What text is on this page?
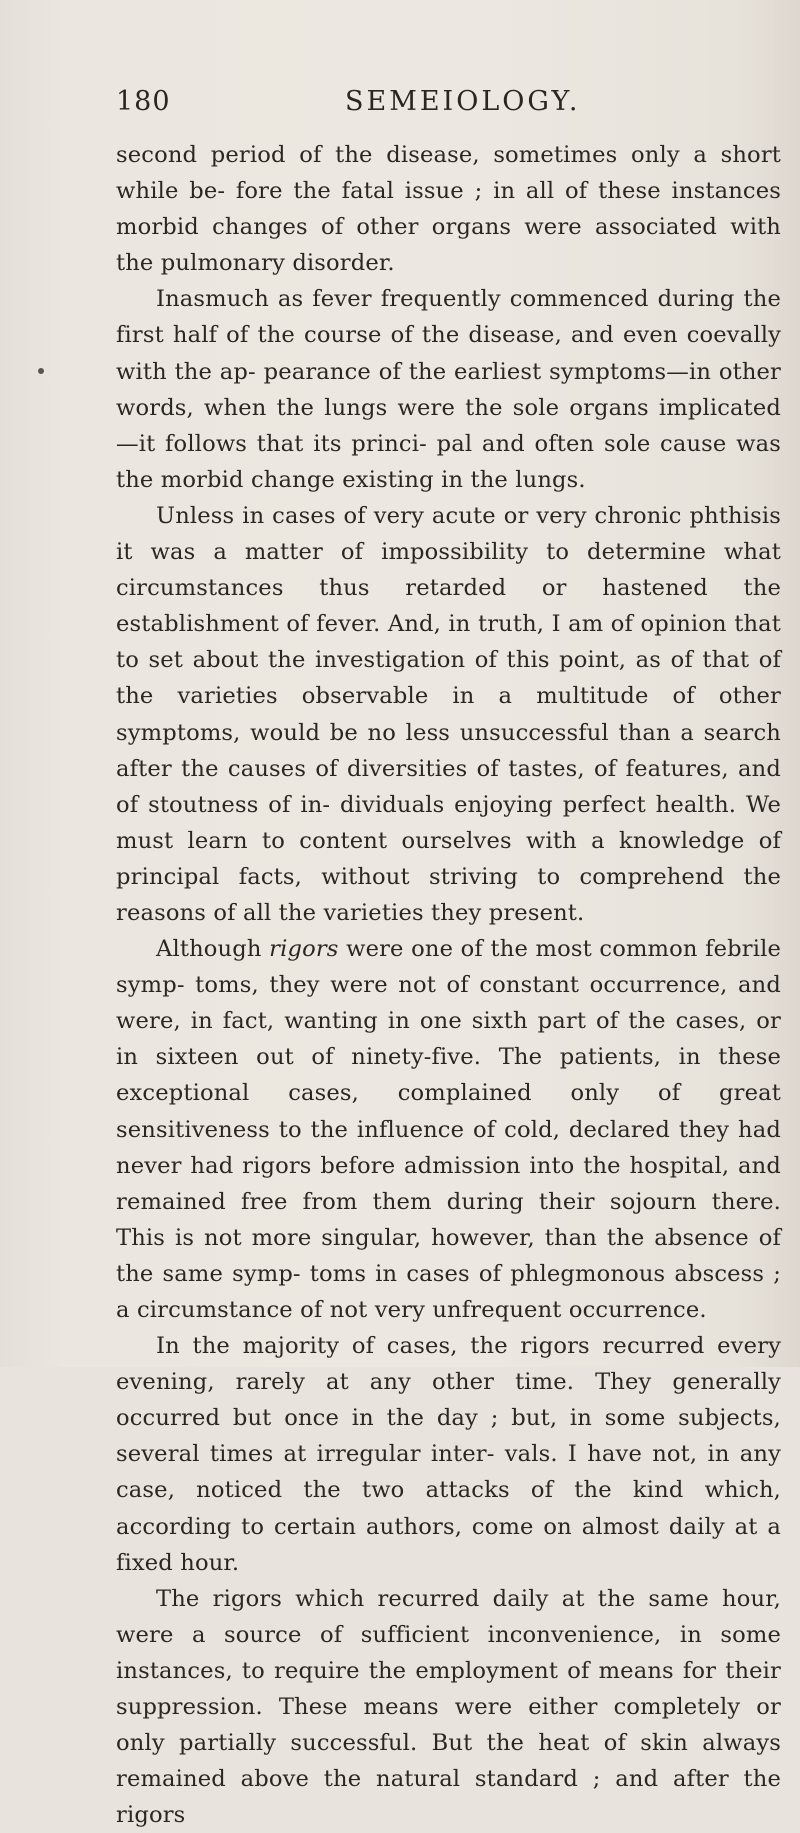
180	SEMEIOLOGY.

second period of the disease, sometimes only a short while be- fore the fatal issue ; in all of these instances morbid changes of other organs were associated with the pulmonary disorder.

Inasmuch as fever frequently commenced during the first half of the course of the disease, and even coevally with the ap- pearance of the earliest symptoms—in other words, when the lungs were the sole organs implicated—it follows that its princi- pal and often sole cause was the morbid change existing in the lungs.

Unless in cases of very acute or very chronic phthisis it was a matter of impossibility to determine what circumstances thus retarded or hastened the establishment of fever. And, in truth, I am of opinion that to set about the investigation of this point, as of that of the varieties observable in a multitude of other symptoms, would be no less unsuccessful than a search after the causes of diversities of tastes, of features, and of stoutness of in- dividuals enjoying perfect health. We must learn to content ourselves with a knowledge of principal facts, without striving to comprehend the reasons of all the varieties they present.

Although rigors were one of the most common febrile symp- toms, they were not of constant occurrence, and were, in fact, wanting in one sixth part of the cases, or in sixteen out of ninety-five. The patients, in these exceptional cases, complained only of great sensitiveness to the influence of cold, declared they had never had rigors before admission into the hospital, and remained free from them during their sojourn there. This is not more singular, however, than the absence of the same symp- toms in cases of phlegmonous abscess ; a circumstance of not very unfrequent occurrence.

In the majority of cases, the rigors recurred every evening, rarely at any other time. They generally occurred but once in the day ; but, in some subjects, several times at irregular inter- vals. I have not, in any case, noticed the two attacks of the kind which, according to certain authors, come on almost daily at a fixed hour.

The rigors which recurred daily at the same hour, were a source of sufficient inconvenience, in some instances, to require the employment of means for their suppression. These means were either completely or only partially successful. But the heat of skin always remained above the natural standard ; and after the rigors
